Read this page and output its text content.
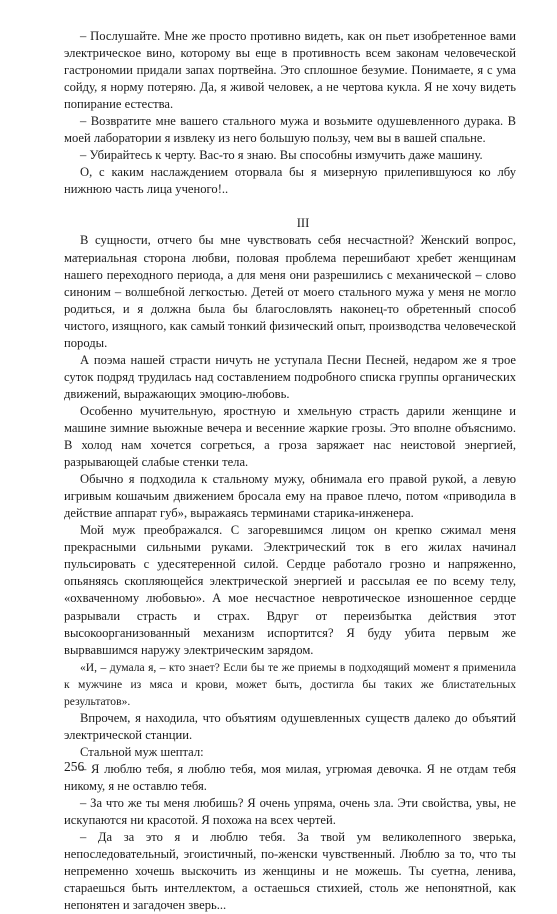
– Послушайте. Мне же просто противно видеть, как он пьет изобретенное вами электрическое вино, которому вы еще в противность всем законам человеческой гастрономии придали запах портвейна. Это сплошное безумие. Понимаете, я с ума сойду, я норму потеряю. Да, я живой человек, а не чертова кукла. Я не хочу видеть попирание естества.

– Возвратите мне вашего стального мужа и возьмите одушевленного дурака. В моей лаборатории я извлеку из него большую пользу, чем вы в вашей спальне.

– Убирайтесь к черту. Вас-то я знаю. Вы способны измучить даже машину.

О, с каким наслаждением оторвала бы я мизерную прилепившуюся ко лбу нижнюю часть лица ученого!..

III

В сущности, отчего бы мне чувствовать себя несчастной? Женский вопрос, материальная сторона любви, половая проблема перешибают хребет женщинам нашего переходного периода, а для меня они разрешились с механической – слово синоним – волшебной легкостью. Детей от моего стального мужа у меня не могло родиться, и я должна была бы благословлять наконец-то обретенный способ чистого, изящного, как самый тонкий физический опыт, производства человеческой породы.

А поэма нашей страсти ничуть не уступала Песни Песней, недаром же я трое суток подряд трудилась над составлением подробного списка группы органических движений, выражающих эмоцию-любовь.

Особенно мучительную, яростную и хмельную страсть дарили женщине и машине зимние вьюжные вечера и весенние жаркие грозы. Это вполне объяснимо. В холод нам хочется согреться, а гроза заряжает нас неистовой энергией, разрывающей слабые стенки тела.

Обычно я подходила к стальному мужу, обнимала его правой рукой, а левую игривым кошачьим движением бросала ему на правое плечо, потом «приводила в действие аппарат губ», выражаясь терминами старика-инженера.

Мой муж преображался. С загоревшимся лицом он крепко сжимал меня прекрасными сильными руками. Электрический ток в его жилах начинал пульсировать с удесятеренной силой. Сердце работало грозно и напряженно, опьяняясь скопляющейся электрической энергией и рассылая ее по всему телу, «охваченному любовью». А мое несчастное невротическое изношенное сердце разрывали страсть и страх. Вдруг от переизбытка действия этот высокоорганизованный механизм испортится? Я буду убита первым же вырвавшимся наружу электрическим зарядом.

«И, – думала я, – кто знает? Если бы те же приемы в подходящий момент я применила к мужчине из мяса и крови, может быть, достигла бы таких же блистательных результатов».

Впрочем, я находила, что объятиям одушевленных существ далеко до объятий электрической станции.

Стальной муж шептал:

– Я люблю тебя, я люблю тебя, моя милая, угрюмая девочка. Я не отдам тебя никому, я не оставлю тебя.

– За что же ты меня любишь? Я очень упряма, очень зла. Эти свойства, увы, не искупаются ни красотой. Я похожа на всех чертей.

– Да за это я и люблю тебя. За твой ум великолепного зверька, непоследовательный, эгоистичный, по-женски чувственный. Люблю за то, что ты непременно хочешь выскочить из женщины и не можешь. Ты суетна, ленива, стараешься быть интеллектом, а остаешься стихией, столь же непонятной, как непонятен и загадочен зверь...

256
